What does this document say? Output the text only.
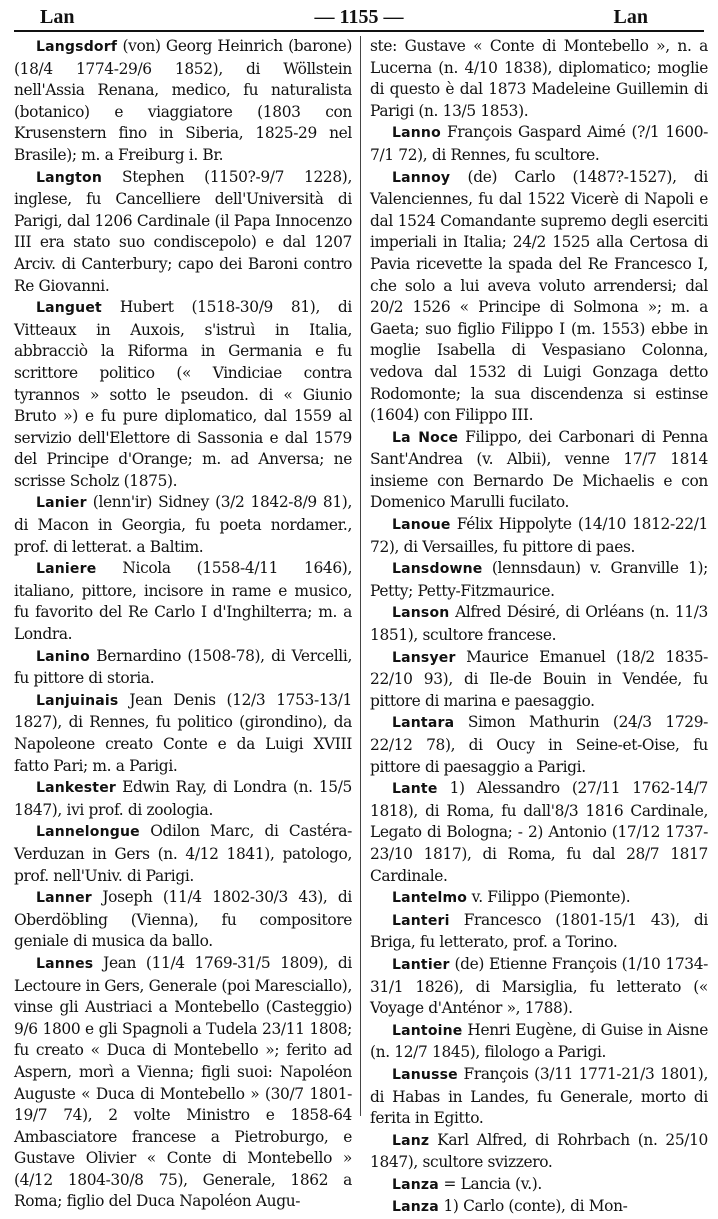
Lan	— 1155 —	Lan

Langsdorf (von) Georg Heinrich (barone) (18/4 1774-29/6 1852), di Wöllstein nell'Assia Renana, medico, fu naturalista (botanico) e viaggiatore (1803 con Krusenstern fino in Siberia, 1825-29 nel Brasile); m. a Freiburg i. Br.

Langton Stephen (1150?-9/7 1228), inglese, fu Cancelliere dell'Università di Parigi, dal 1206 Cardinale (il Papa Innocenzo III era stato suo condiscepolo) e dal 1207 Arciv. di Canterbury; capo dei Baroni contro Re Giovanni.

Languet Hubert (1518-30/9 81), di Vitteaux in Auxois, s'istruì in Italia, abbracciò la Riforma in Germania e fu scrittore politico (« Vindiciae contra tyrannos » sotto le pseudon. di « Giunio Bruto ») e fu pure diplomatico, dal 1559 al servizio dell'Elettore di Sassonia e dal 1579 del Principe d'Orange; m. ad Anversa; ne scrisse Scholz (1875).

Lanier (lenn'ir) Sidney (3/2 1842-8/9 81), di Macon in Georgia, fu poeta nordamer., prof. di letterat. a Baltim.

Laniere Nicola (1558-4/11 1646), italiano, pittore, incisore in rame e musico, fu favorito del Re Carlo I d'Inghilterra; m. a Londra.

Lanino Bernardino (1508-78), di Vercelli, fu pittore di storia.

Lanjuinais Jean Denis (12/3 1753-13/1 1827), di Rennes, fu politico (girondino), da Napoleone creato Conte e da Luigi XVIII fatto Pari; m. a Parigi.

Lankester Edwin Ray, di Londra (n. 15/5 1847), ivi prof. di zoologia.

Lannelongue Odilon Marc, di Castéra-Verduzan in Gers (n. 4/12 1841), patologo, prof. nell'Univ. di Parigi.

Lanner Joseph (11/4 1802-30/3 43), di Oberdöbling (Vienna), fu compositore geniale di musica da ballo.

Lannes Jean (11/4 1769-31/5 1809), di Lectoure in Gers, Generale (poi Maresciallo), vinse gli Austriaci a Montebello (Casteggio) 9/6 1800 e gli Spagnoli a Tudela 23/11 1808; fu creato « Duca di Montebello »; ferito ad Aspern, morì a Vienna; figli suoi: Napoléon Auguste « Duca di Montebello » (30/7 1801-19/7 74), 2 volte Ministro e 1858-64 Ambasciatore francese a Pietroburgo, e Gustave Olivier « Conte di Montebello » (4/12 1804-30/8 75), Generale, 1862 a Roma; figlio del Duca Napoléon Augu-

ste: Gustave « Conte di Montebello », n. a Lucerna (n. 4/10 1838), diplomatico; moglie di questo è dal 1873 Madeleine Guillemin di Parigi (n. 13/5 1853).

Lanno François Gaspard Aimé (?/1 1600-7/1 72), di Rennes, fu scultore.

Lannoy (de) Carlo (1487?-1527), di Valenciennes, fu dal 1522 Vicerè di Napoli e dal 1524 Comandante supremo degli eserciti imperiali in Italia; 24/2 1525 alla Certosa di Pavia ricevette la spada del Re Francesco I, che solo a lui aveva voluto arrendersi; dal 20/2 1526 « Principe di Solmona »; m. a Gaeta; suo figlio Filippo I (m. 1553) ebbe in moglie Isabella di Vespasiano Colonna, vedova dal 1532 di Luigi Gonzaga detto Rodomonte; la sua discendenza si estinse (1604) con Filippo III.

La Noce Filippo, dei Carbonari di Penna Sant'Andrea (v. Albii), venne 17/7 1814 insieme con Bernardo De Michaelis e con Domenico Marulli fucilato.

Lanoue Félix Hippolyte (14/10 1812-22/1 72), di Versailles, fu pittore di paes.

Lansdowne (lennsdaun) v. Granville 1); Petty; Petty-Fitzmaurice.

Lanson Alfred Désiré, di Orléans (n. 11/3 1851), scultore francese.

Lansyer Maurice Emanuel (18/2 1835-22/10 93), di Ile-de Bouin in Vendée, fu pittore di marina e paesaggio.

Lantara Simon Mathurin (24/3 1729-22/12 78), di Oucy in Seine-et-Oise, fu pittore di paesaggio a Parigi.

Lante 1) Alessandro (27/11 1762-14/7 1818), di Roma, fu dall'8/3 1816 Cardinale, Legato di Bologna; - 2) Antonio (17/12 1737-23/10 1817), di Roma, fu dal 28/7 1817 Cardinale.

Lantelmo v. Filippo (Piemonte).

Lanteri Francesco (1801-15/1 43), di Briga, fu letterato, prof. a Torino.

Lantier (de) Etienne François (1/10 1734-31/1 1826), di Marsiglia, fu letterato (« Voyage d'Anténor », 1788).

Lantoine Henri Eugène, di Guise in Aisne (n. 12/7 1845), filologo a Parigi.

Lanusse François (3/11 1771-21/3 1801), di Habas in Landes, fu Generale, morto di ferita in Egitto.

Lanz Karl Alfred, di Rohrbach (n. 25/10 1847), scultore svizzero.

Lanza = Lancia (v.).

Lanza 1) Carlo (conte), di Mon-
